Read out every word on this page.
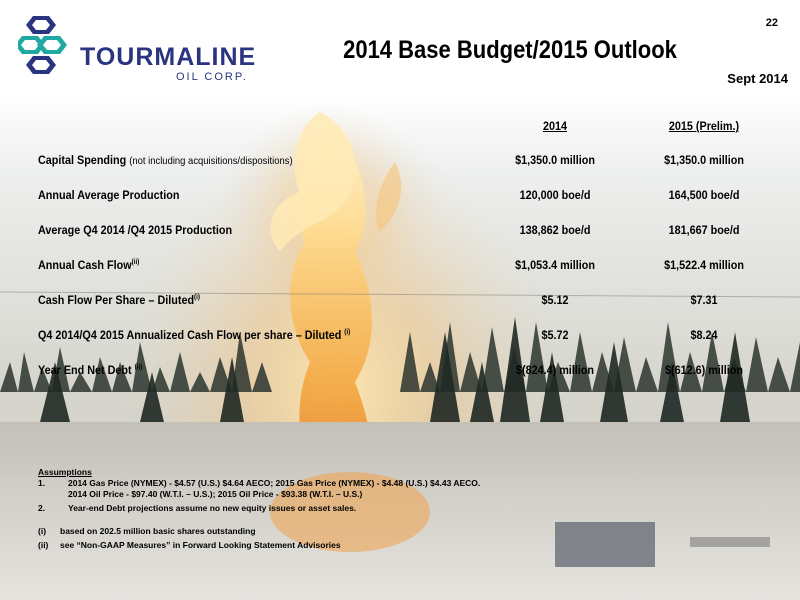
TOURMALINE
OIL CORP.
22
2014 Base Budget/2015 Outlook
Sept 2014
2014	2015 (Prelim.)
Capital Spending (not including acquisitions/dispositions)	$1,350.0 million	$1,350.0 million
Annual Average Production	120,000 boe/d	164,500 boe/d
Average Q4 2014 /Q4 2015 Production	138,862 boe/d	181,667 boe/d
Annual Cash Flow$^{(ii)}$	$1,053.4 million	$1,522.4 million
Cash Flow Per Share – Diluted$^{(i)}$	$5.12	$7.31
Q4 2014/Q4 2015 Annualized Cash Flow per share – Diluted $^{(i)}$	$5.72	$8.24
Year End Net Debt $^{(ii)}$	$(824.4) million	$(612.6) million
Assumptions
1.	2014 Gas Price (NYMEX) - $4.57 (U.S.) $4.64 AECO; 2015 Gas Price (NYMEX) - $4.48 (U.S.) $4.43 AECO.
2014 Oil Price - $97.40 (W.T.I. – U.S.); 2015 Oil Price - $93.38 (W.T.I. – U.S.)
2.	Year-end Debt projections assume no new equity issues or asset sales.
(i) based on 202.5 million basic shares outstanding
(ii) see “Non-GAAP Measures” in Forward Looking Statement Advisories
